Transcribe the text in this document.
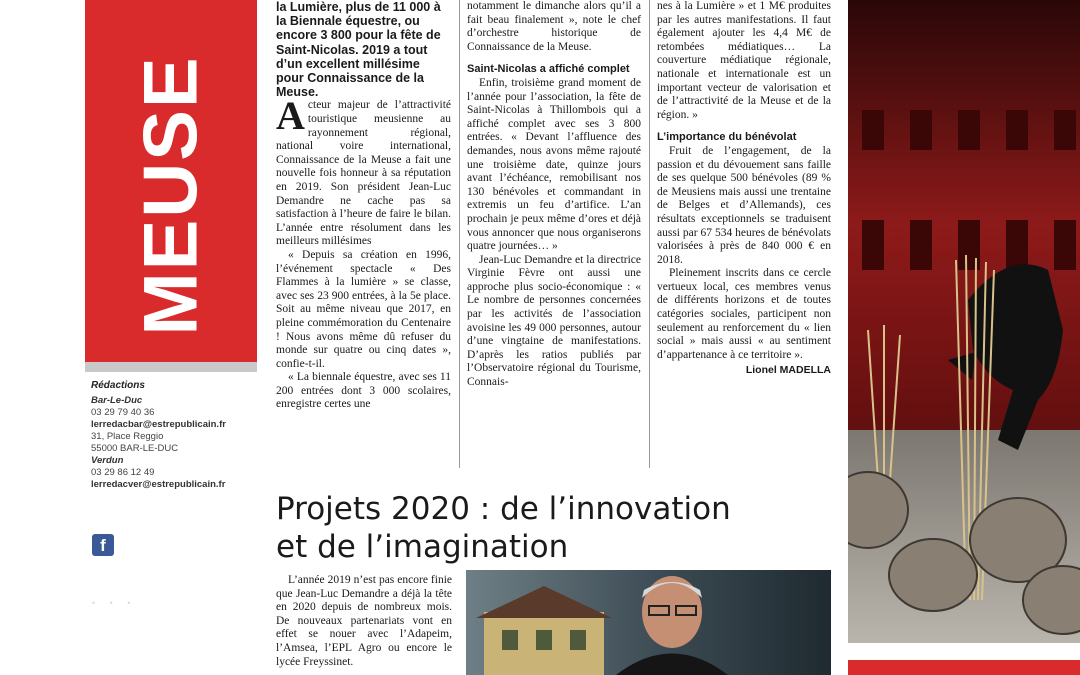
MEUSE
Rédactions
Bar-Le-Duc
03 29 79 40 36
lerredacbar@estrepublicain.fr
31, Place Reggio
55000 BAR-LE-DUC
Verdun
03 29 86 12 49
lerredacver@estrepublicain.fr
f
• • •

la Lumière, plus de 11 000 à la Biennale équestre, ou encore 3 800 pour la fête de Saint-Nicolas. 2019 a tout d’un excellent millésime pour Connaissance de la Meuse.

Acteur majeur de l’attractivité touristique meusienne au rayonnement régional, national voire international, Connaissance de la Meuse a fait une nouvelle fois honneur à sa réputation en 2019. Son président Jean-Luc Demandre ne cache pas sa satisfaction à l’heure de faire le bilan. L’année entre résolument dans les meilleurs millésimes

« Depuis sa création en 1996, l’événement spectacle « Des Flammes à la lumière » se classe, avec ses 23 900 entrées, à la 5e place. Soit au même niveau que 2017, en pleine commémoration du Centenaire ! Nous avons même dû refuser du monde sur quatre ou cinq dates », confie-t-il.

« La biennale équestre, avec ses 11 200 entrées dont 3 000 scolaires, enregistre certes une

notamment le dimanche alors qu’il a fait beau finalement », note le chef d’orchestre historique de Connaissance de la Meuse.

Saint-Nicolas a affiché complet

Enfin, troisième grand moment de l’année pour l’association, la fête de Saint-Nicolas à Thillombois qui a affiché complet avec ses 3 800 entrées. « Devant l’affluence des demandes, nous avons même rajouté une troisième date, quinze jours avant l’échéance, remobilisant nos 130 bénévoles et commandant in extremis un feu d’artifice. L’an prochain je peux même d’ores et déjà vous annoncer que nous organiserons quatre journées… »

Jean-Luc Demandre et la directrice Virginie Fèvre ont aussi une approche plus socio-économique : « Le nombre de personnes concernées par les activités de l’association avoisine les 49 000 personnes, autour d’une vingtaine de manifestations. D’après les ratios publiés par l’Observatoire régional du Tourisme, Connais-

nes à la Lumière » et 1 M€ produites par les autres manifestations. Il faut également ajouter les 4,4 M€ de retombées médiatiques… La couverture médiatique régionale, nationale et internationale est un important vecteur de valorisation et de l’attractivité de la Meuse et de la région. »

L’importance du bénévolat

Fruit de l’engagement, de la passion et du dévouement sans faille de ses quelque 500 bénévoles (89 % de Meusiens mais aussi une trentaine de Belges et d’Allemands), ces résultats exceptionnels se traduisent aussi par 67 534 heures de bénévolats valorisées à près de 840 000 € en 2018.

Pleinement inscrits dans ce cercle vertueux local, ces membres venus de différents horizons et de toutes catégories sociales, participent non seulement au renforcement du « lien social » mais aussi « au sentiment d’appartenance à ce territoire ».

Lionel MADELLA

Projets 2020 : de l’innovation
et de l’imagination

L’année 2019 n’est pas encore finie que Jean-Luc Demandre a déjà la tête en 2020 depuis de nombreux mois. De nouveaux partenariats vont en effet se nouer avec l’Adapeim, l’Amsea, l’EPL Agro ou encore le lycée Freyssinet.
